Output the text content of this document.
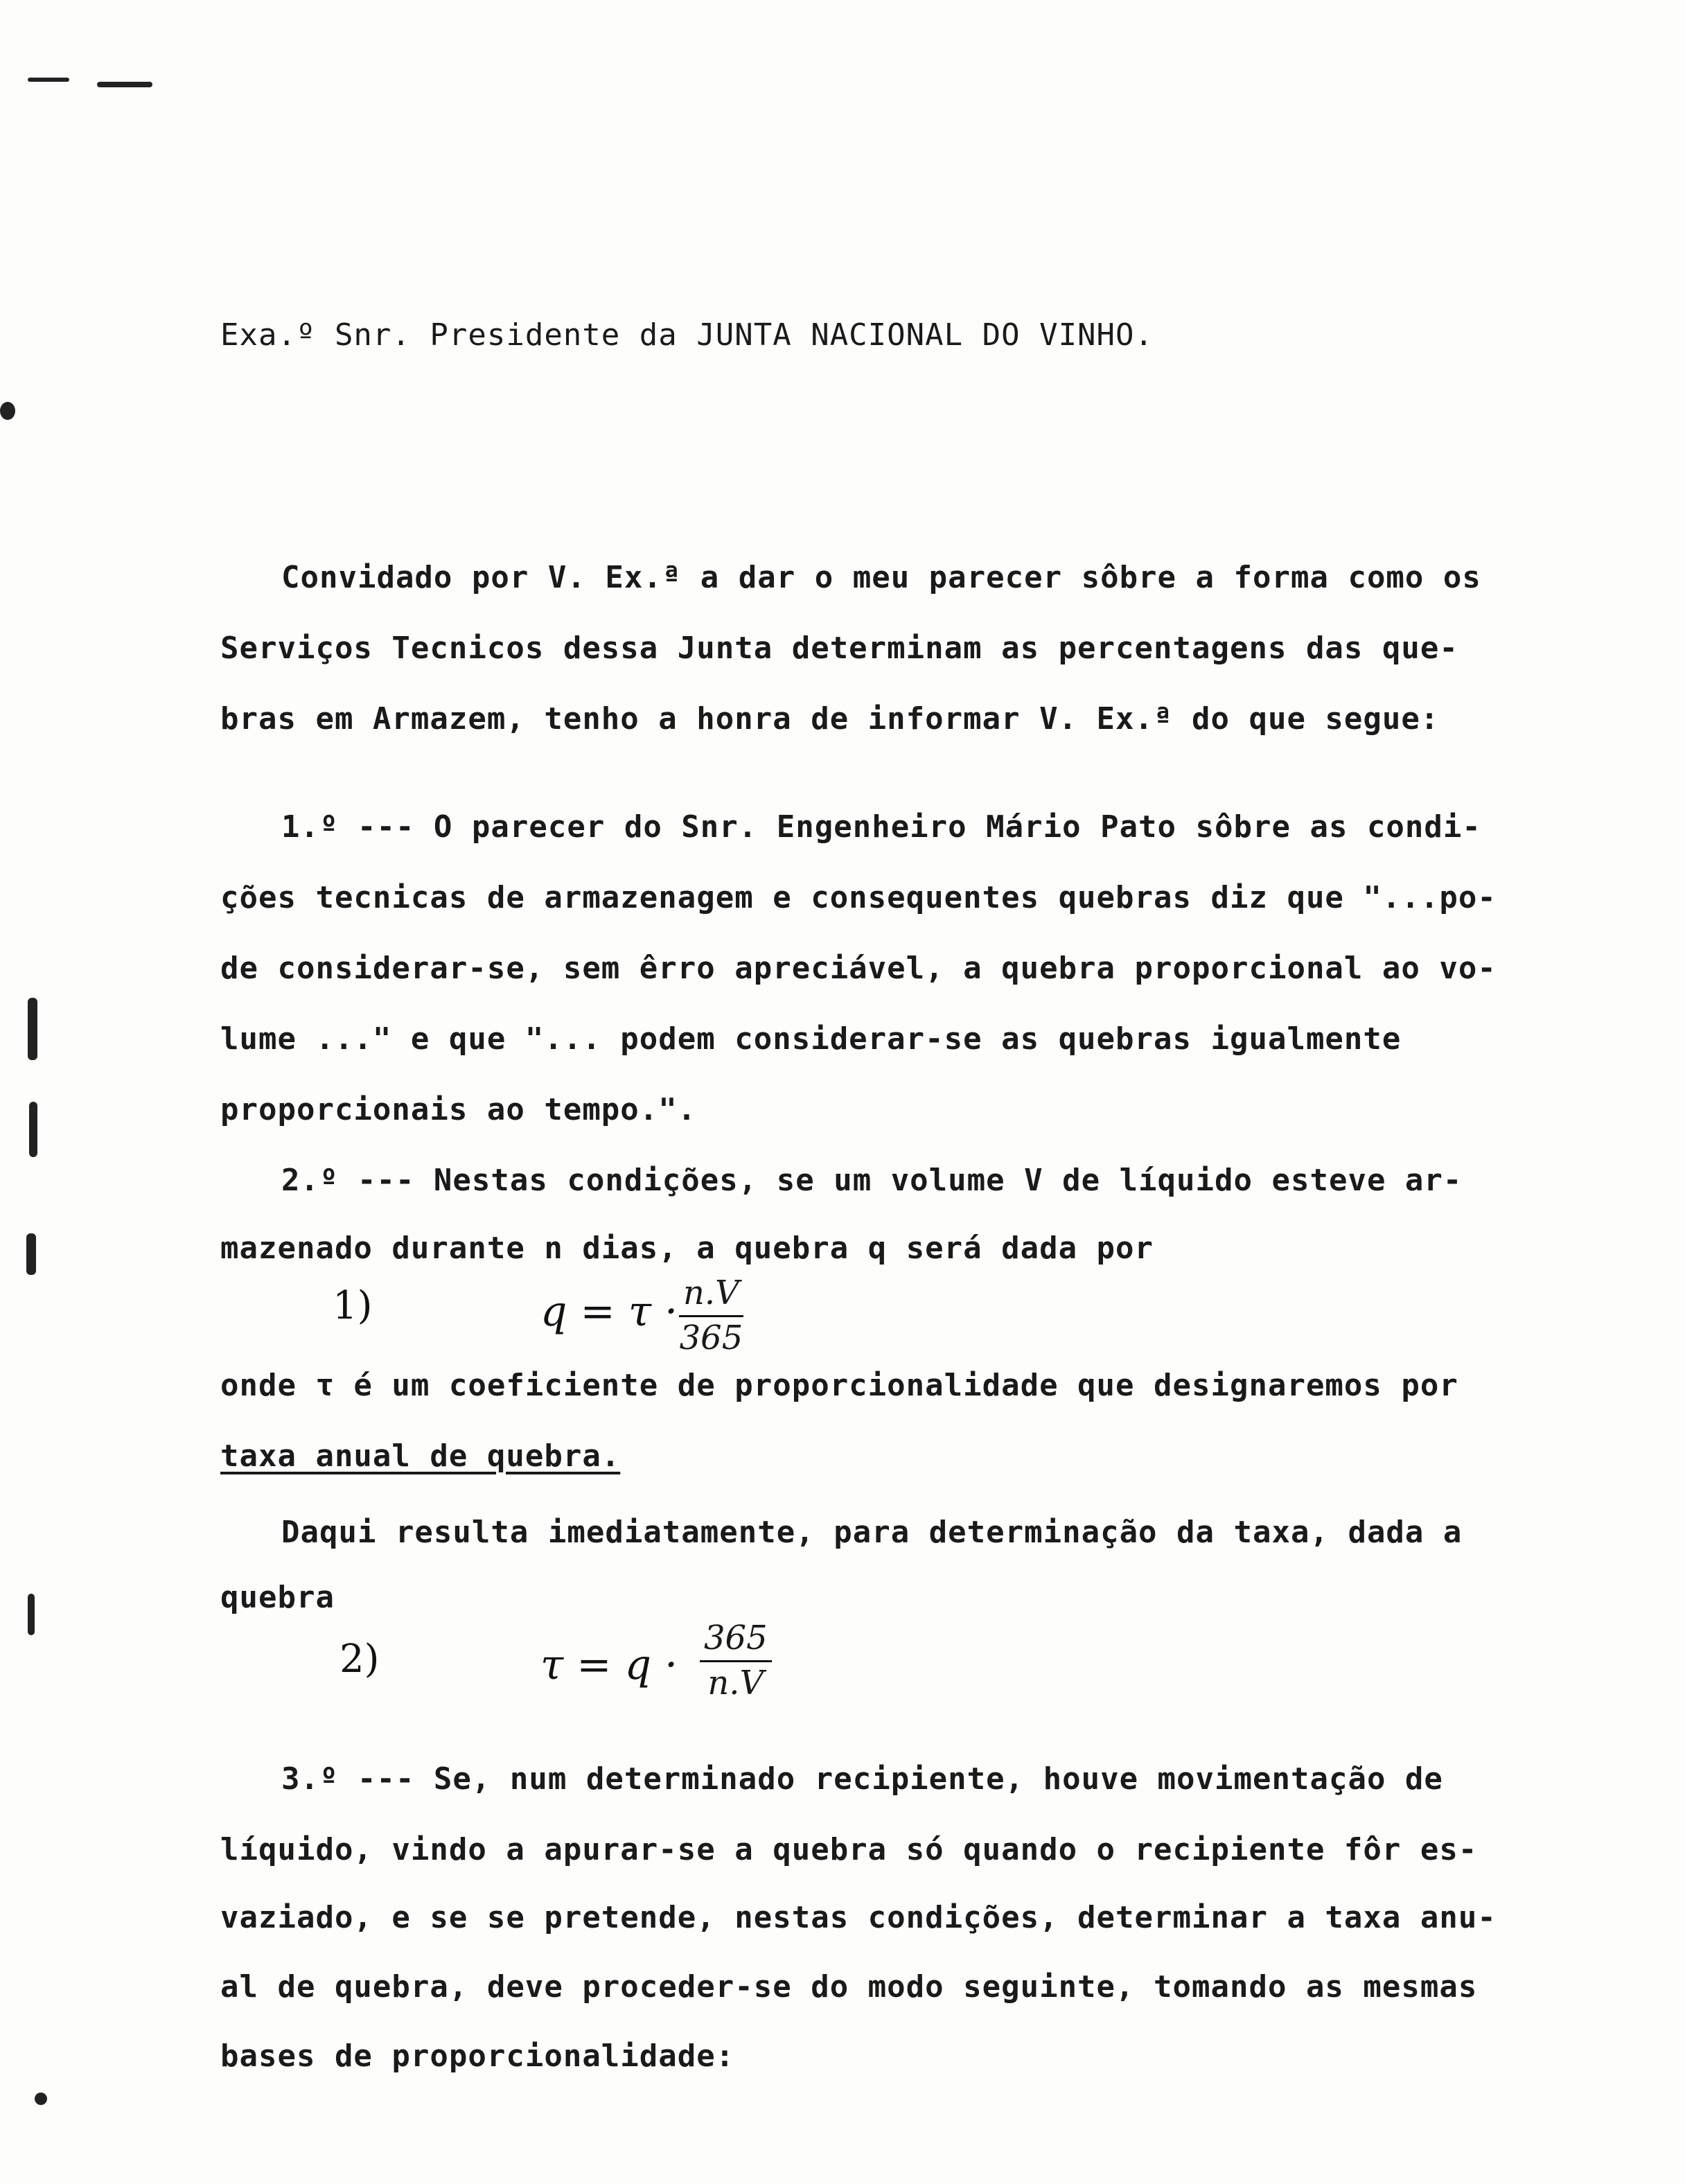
Exa.º Snr. Presidente da JUNTA NACIONAL DO VINHO.
Convidado por V. Ex.ª a dar o meu parecer sôbre a forma como os
Serviços Tecnicos dessa Junta determinam as percentagens das que-
bras em Armazem, tenho a honra de informar V. Ex.ª do que segue:
1.º --- O parecer do Snr. Engenheiro Mário Pato sôbre as condi-
ções tecnicas de armazenagem e consequentes quebras diz que "...po-
de considerar-se, sem êrro apreciável, a quebra proporcional ao vo-
lume ..." e que "... podem considerar-se as quebras igualmente
proporcionais ao tempo.".
2.º --- Nestas condições, se um volume V de líquido esteve ar-
mazenado durante n dias, a quebra q será dada por
1)	$q = \tau \cdot \frac{n.V}{365}$
onde τ é um coeficiente de proporcionalidade que designaremos por
taxa anual de quebra.
Daqui resulta imediatamente, para determinação da taxa, dada a
quebra
2)	$\tau = q \cdot \frac{365}{n.V}$
3.º --- Se, num determinado recipiente, houve movimentação de
líquido, vindo a apurar-se a quebra só quando o recipiente fôr es-
vaziado, e se se pretende, nestas condições, determinar a taxa anu-
al de quebra, deve proceder-se do modo seguinte, tomando as mesmas
bases de proporcionalidade:
